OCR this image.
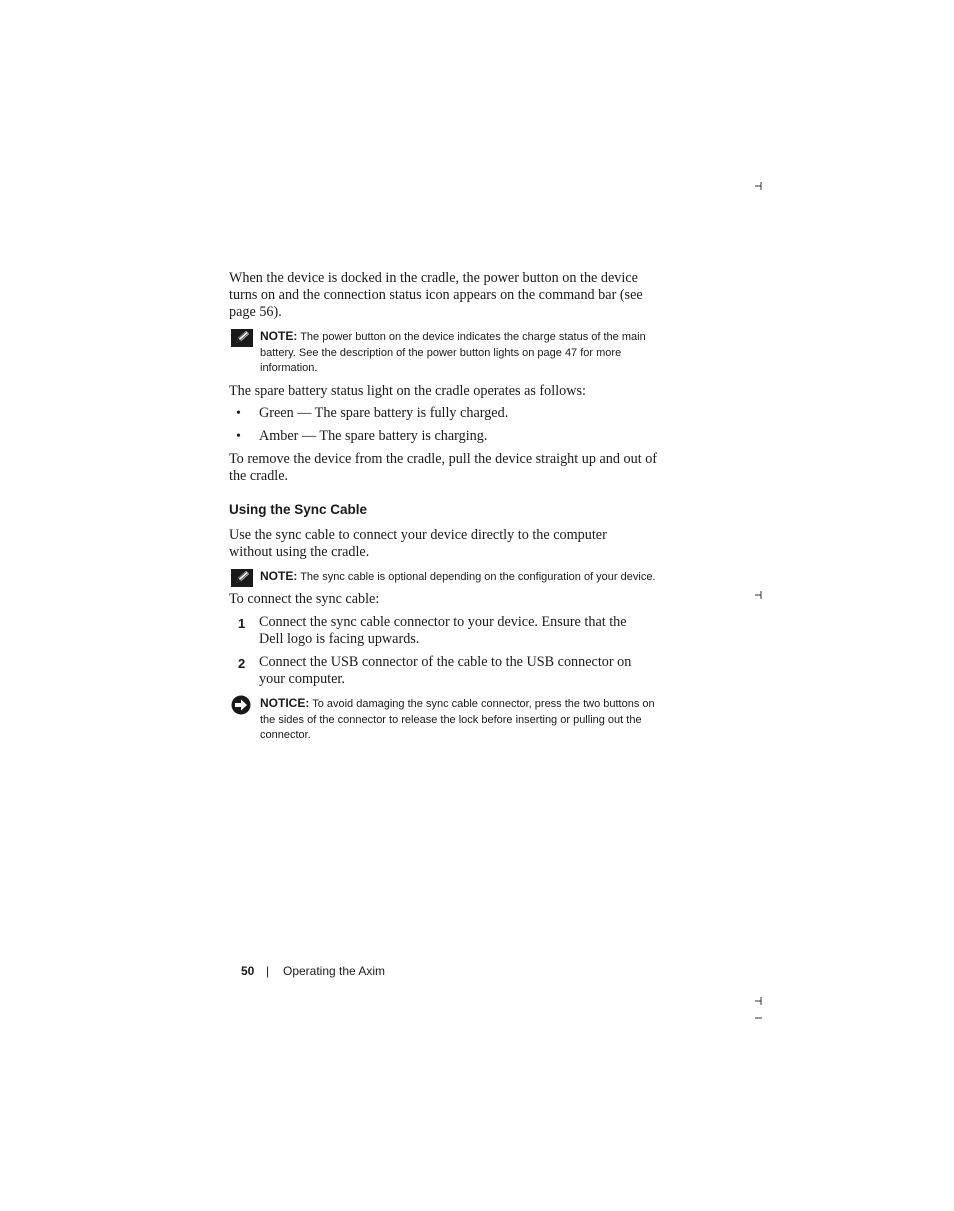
When the device is docked in the cradle, the power button on the device turns on and the connection status icon appears on the command bar (see page 56).
NOTE: The power button on the device indicates the charge status of the main battery. See the description of the power button lights on page 47 for more information.
The spare battery status light on the cradle operates as follows:
• Green — The spare battery is fully charged.
• Amber — The spare battery is charging.
To remove the device from the cradle, pull the device straight up and out of the cradle.
Using the Sync Cable
Use the sync cable to connect your device directly to the computer without using the cradle.
NOTE: The sync cable is optional depending on the configuration of your device.
To connect the sync cable:
1 Connect the sync cable connector to your device. Ensure that the Dell logo is facing upwards.
2 Connect the USB connector of the cable to the USB connector on your computer.
NOTICE: To avoid damaging the sync cable connector, press the two buttons on the sides of the connector to release the lock before inserting or pulling out the connector.
50 | Operating the Axim
